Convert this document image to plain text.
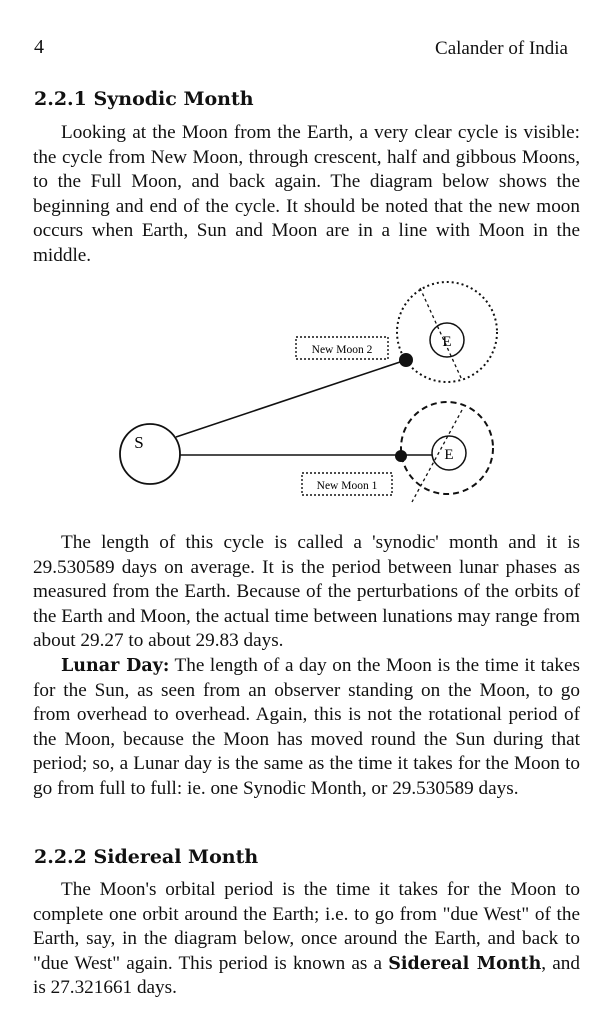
4	Calander of India
2.2.1 Synodic Month

Looking at the Moon from the Earth, a very clear cycle is visible: the cycle from New Moon, through crescent, half and gibbous Moons, to the Full Moon, and back again. The diagram below shows the beginning and end of the cycle. It should be noted that the new moon occurs when Earth, Sun and Moon are in a line with Moon in the middle.

E
E
S
New Moon 2
New Moon 1

The length of this cycle is called a 'synodic' month and it is 29.530589 days on average. It is the period between lunar phases as measured from the Earth. Because of the perturbations of the orbits of the Earth and Moon, the actual time between lunations may range from about 29.27 to about 29.83 days.

Lunar Day: The length of a day on the Moon is the time it takes for the Sun, as seen from an observer standing on the Moon, to go from overhead to overhead. Again, this is not the rotational period of the Moon, because the Moon has moved round the Sun during that period; so, a Lunar day is the same as the time it takes for the Moon to go from full to full: ie. one Synodic Month, or 29.530589 days.

2.2.2 Sidereal Month

The Moon's orbital period is the time it takes for the Moon to complete one orbit around the Earth; i.e. to go from "due West" of the Earth, say, in the diagram below, once around the Earth, and back to "due West" again. This period is known as a Sidereal Month, and is 27.321661 days.
